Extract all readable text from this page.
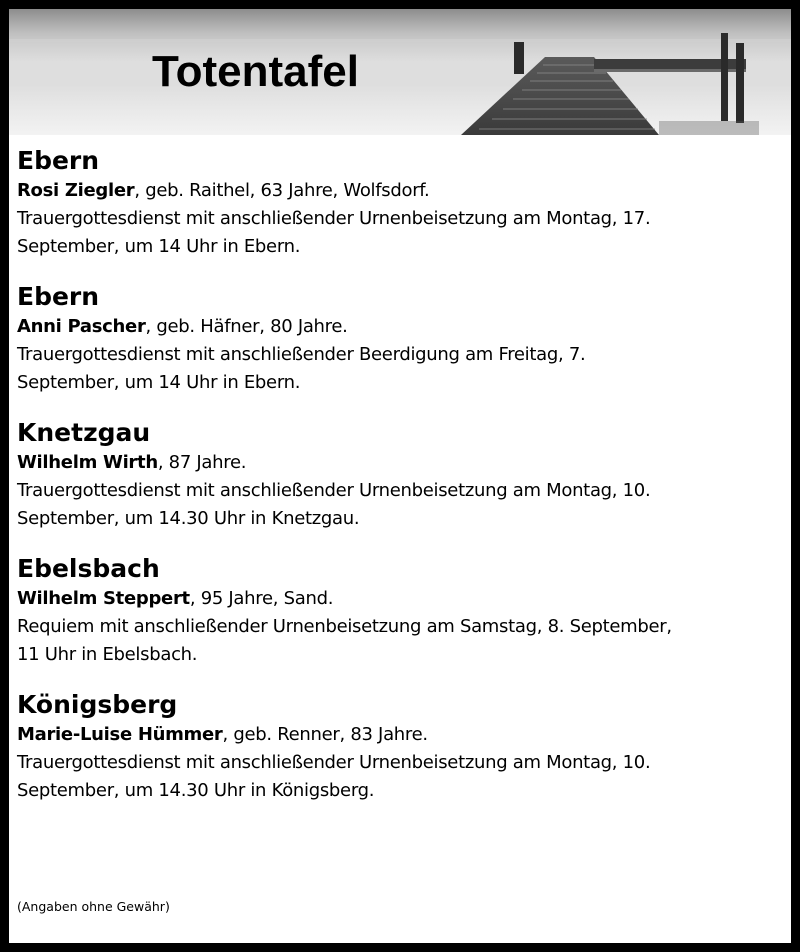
Totentafel
Ebern
Rosi Ziegler, geb. Raithel, 63 Jahre, Wolfsdorf.
Trauergottesdienst mit anschließender Urnenbeisetzung am Montag, 17.
September, um 14 Uhr in Ebern.
Ebern
Anni Pascher, geb. Häfner, 80 Jahre.
Trauergottesdienst mit anschließender Beerdigung am Freitag, 7.
September, um 14 Uhr in Ebern.
Knetzgau
Wilhelm Wirth, 87 Jahre.
Trauergottesdienst mit anschließender Urnenbeisetzung am Montag, 10.
September, um 14.30 Uhr in Knetzgau.
Ebelsbach
Wilhelm Steppert, 95 Jahre, Sand.
Requiem mit anschließender Urnenbeisetzung am Samstag, 8. September,
11 Uhr in Ebelsbach.
Königsberg
Marie-Luise Hümmer, geb. Renner, 83 Jahre.
Trauergottesdienst mit anschließender Urnenbeisetzung am Montag, 10.
September, um 14.30 Uhr in Königsberg.
(Angaben ohne Gewähr)
